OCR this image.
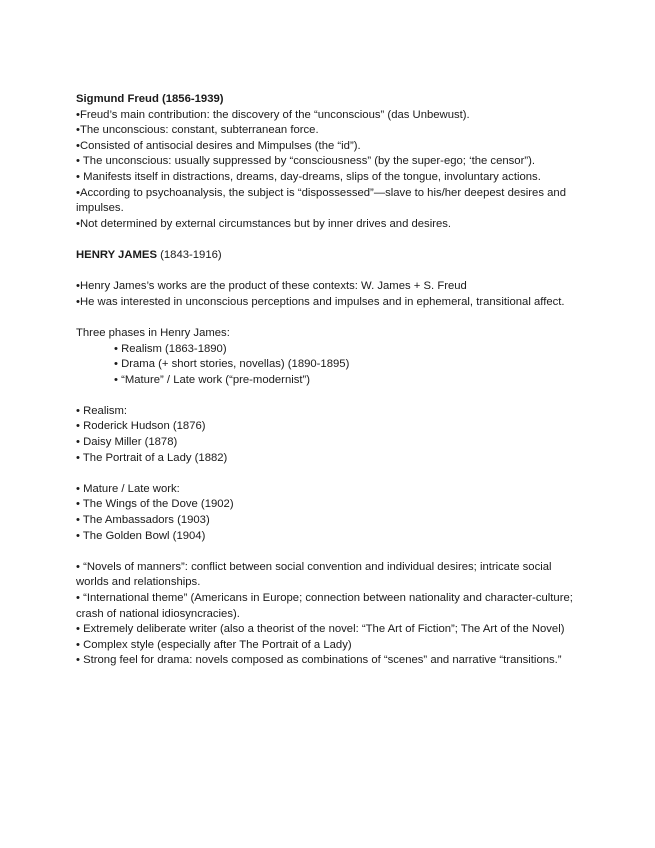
Sigmund Freud (1856-1939)
•Freud’s main contribution: the discovery of the “unconscious” (das Unbewust).
•The unconscious: constant, subterranean force.
•Consisted of antisocial desires and Mimpulses (the “id”).
• The unconscious: usually suppressed by “consciousness” (by the super-ego; ‘the censor”).
• Manifests itself in distractions, dreams, day-dreams, slips of the tongue, involuntary actions.
•According to psychoanalysis, the subject is “dispossessed”—slave to his/her deepest desires and impulses.
•Not determined by external circumstances but by inner drives and desires.
HENRY JAMES (1843-1916)
•Henry James’s works are the product of these contexts: W. James + S. Freud
•He was interested in unconscious perceptions and impulses and in ephemeral, transitional affect.
Three phases in Henry James:
• Realism (1863-1890)
• Drama (+ short stories, novellas) (1890-1895)
• “Mature” / Late work (“pre-modernist”)
• Realism:
• Roderick Hudson (1876)
• Daisy Miller (1878)
• The Portrait of a Lady (1882)
• Mature / Late work:
• The Wings of the Dove (1902)
• The Ambassadors (1903)
• The Golden Bowl (1904)
• “Novels of manners”: conflict between social convention and individual desires; intricate social worlds and relationships.
• “International theme” (Americans in Europe; connection between nationality and character-culture; crash of national idiosyncracies).
• Extremely deliberate writer (also a theorist of the novel: “The Art of Fiction”; The Art of the Novel)
• Complex style (especially after The Portrait of a Lady)
• Strong feel for drama: novels composed as combinations of “scenes” and narrative “transitions.”
